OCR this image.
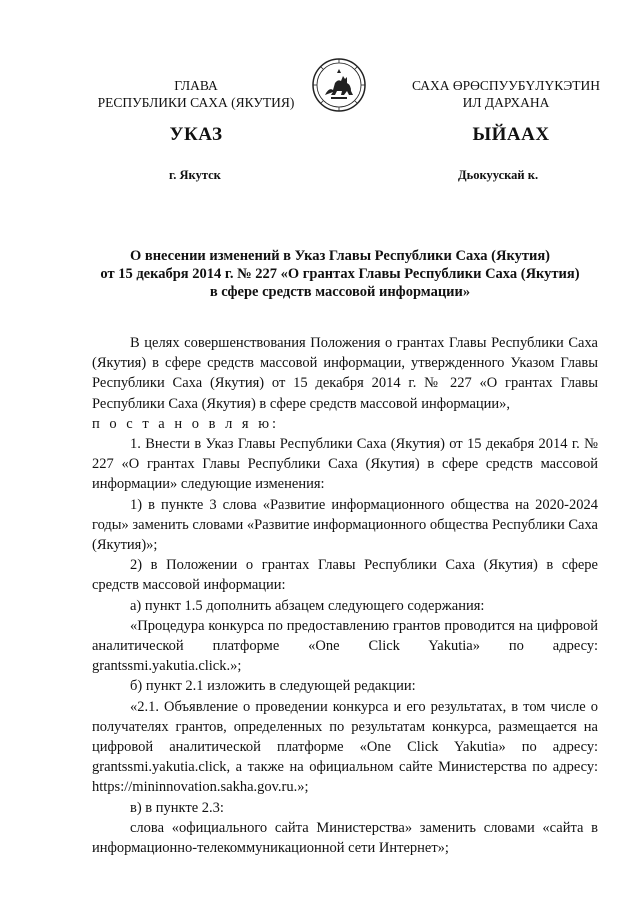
ГЛАВА
РЕСПУБЛИКИ САХА (ЯКУТИЯ)
САХА ӨРӨСПУУБҮЛҮКЭТИН
ИЛ ДАРХАНА
УКАЗ	ЫЙААХ
г. Якутск	Дьокуускай к.
О внесении изменений в Указ Главы Республики Саха (Якутия)
от 15 декабря 2014 г. № 227 «О грантах Главы Республики Саха (Якутия)
в сфере средств массовой информации»

В целях совершенствования Положения о грантах Главы Республики Саха (Якутия) в сфере средств массовой информации, утвержденного Указом Главы Республики Саха (Якутия) от 15 декабря 2014 г. № 227 «О грантах Главы Республики Саха (Якутия) в сфере средств массовой информации»,

п о с т а н о в л я ю:

1. Внести в Указ Главы Республики Саха (Якутия) от 15 декабря 2014 г. № 227 «О грантах Главы Республики Саха (Якутия) в сфере средств массовой информации» следующие изменения:

1) в пункте 3 слова «Развитие информационного общества на 2020-2024 годы» заменить словами «Развитие информационного общества Республики Саха (Якутия)»;

2) в Положении о грантах Главы Республики Саха (Якутия) в сфере средств массовой информации:

а) пункт 1.5 дополнить абзацем следующего содержания:

«Процедура конкурса по предоставлению грантов проводится на цифровой аналитической платформе «One Click Yakutia» по адресу: grantssmi.yakutia.click.»;

б) пункт 2.1 изложить в следующей редакции:

«2.1. Объявление о проведении конкурса и его результатах, в том числе о получателях грантов, определенных по результатам конкурса, размещается на цифровой аналитической платформе «One Click Yakutia» по адресу: grantssmi.yakutia.click, а также на официальном сайте Министерства по адресу: https://mininnovation.sakha.gov.ru.»;

в) в пункте 2.3:

слова «официального сайта Министерства» заменить словами «сайта в информационно-телекоммуникационной сети Интернет»;
